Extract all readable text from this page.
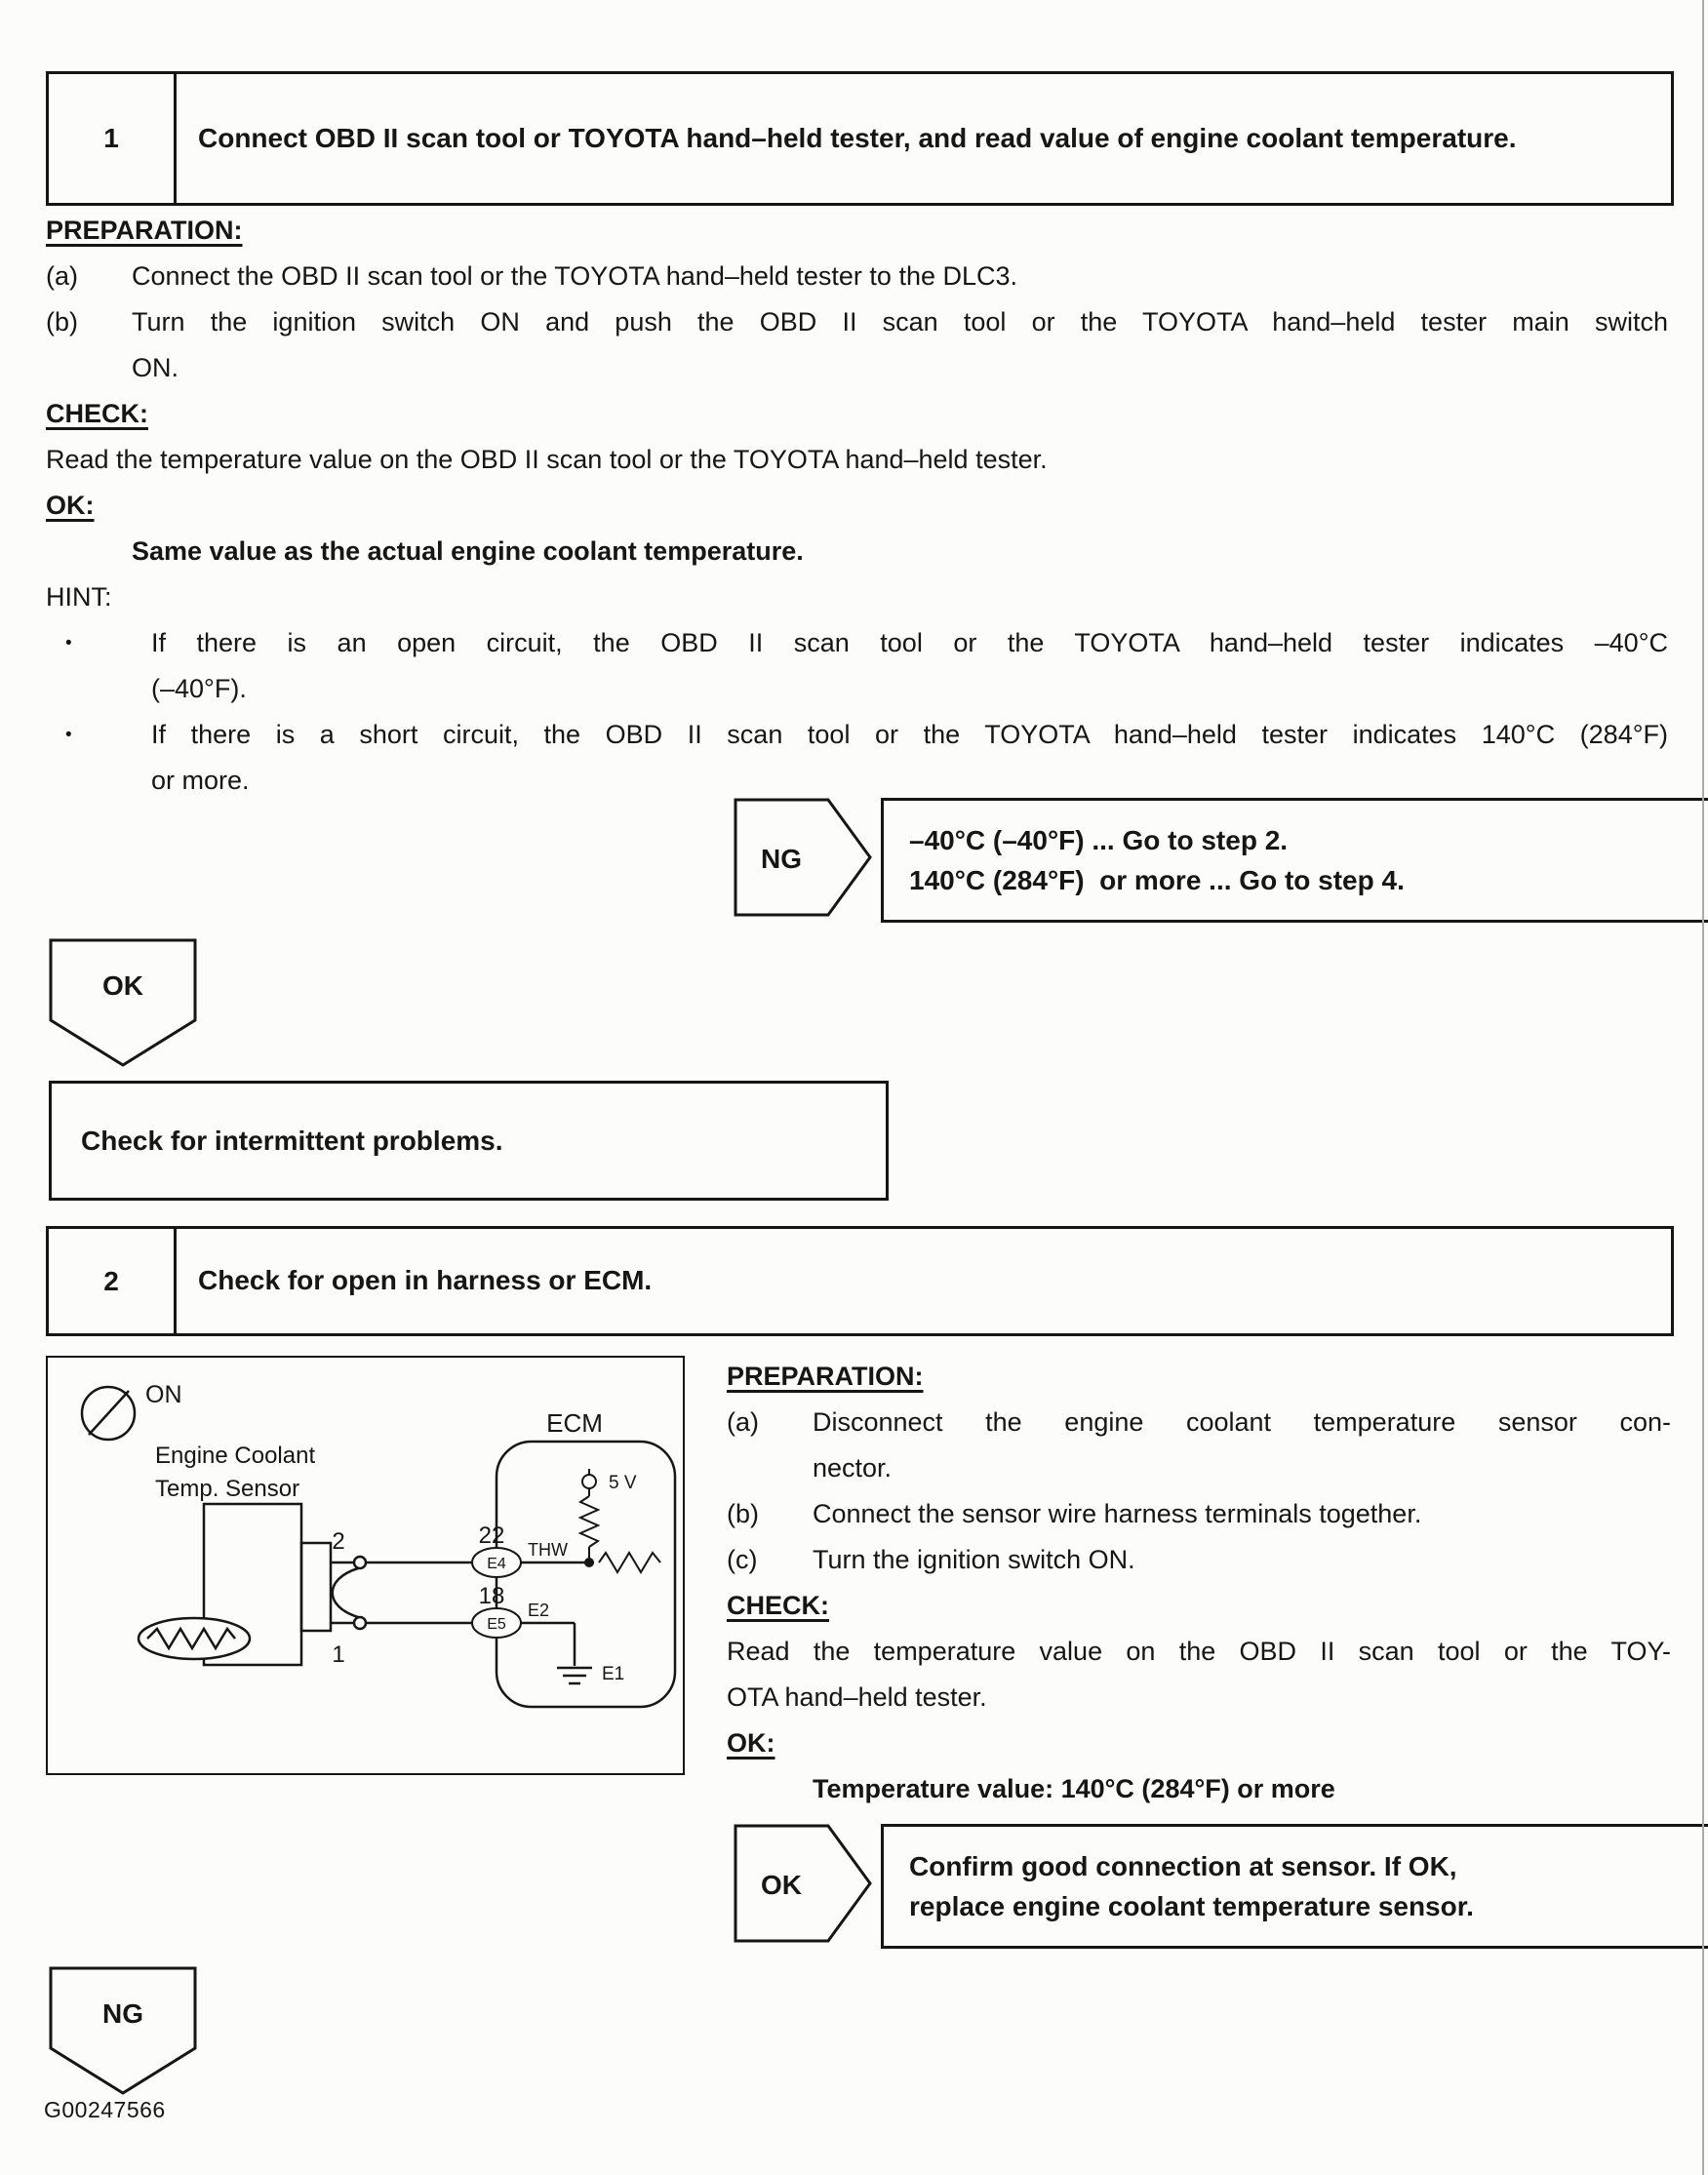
1	Connect OBD II scan tool or TOYOTA hand–held tester, and read value of engine coolant temperature.
PREPARATION:
(a)	Connect the OBD II scan tool or the TOYOTA hand–held tester to the DLC3.
(b)	Turn the ignition switch ON and push the OBD II scan tool or the TOYOTA hand–held tester main switch
ON.
CHECK:
Read the temperature value on the OBD II scan tool or the TOYOTA hand–held tester.
OK:
Same value as the actual engine coolant temperature.
HINT:
•	If there is an open circuit, the OBD II scan tool or the TOYOTA hand–held tester indicates –40°C
(–40°F).
•	If there is a short circuit, the OBD II scan tool or the TOYOTA hand–held tester indicates 140°C (284°F)
or more.
NG
–40°C (–40°F) ... Go to step 2.
140°C (284°F)  or more ... Go to step 4.
OK
Check for intermittent problems.
2	Check for open in harness or ECM.
ON
Engine Coolant
Temp. Sensor
2
1
ECM
5 V
E1
E4
E5
22
18
THW
E2
PREPARATION:
(a)	Disconnect the engine coolant temperature sensor con-
nector.
(b)	Connect the sensor wire harness terminals together.
(c)	Turn the ignition switch ON.
CHECK:
Read the temperature value on the OBD II scan tool or the TOY-
OTA hand–held tester.
OK:
Temperature value: 140°C (284°F) or more
OK
Confirm good connection at sensor. If OK,
replace engine coolant temperature sensor.
NG
G00247566
